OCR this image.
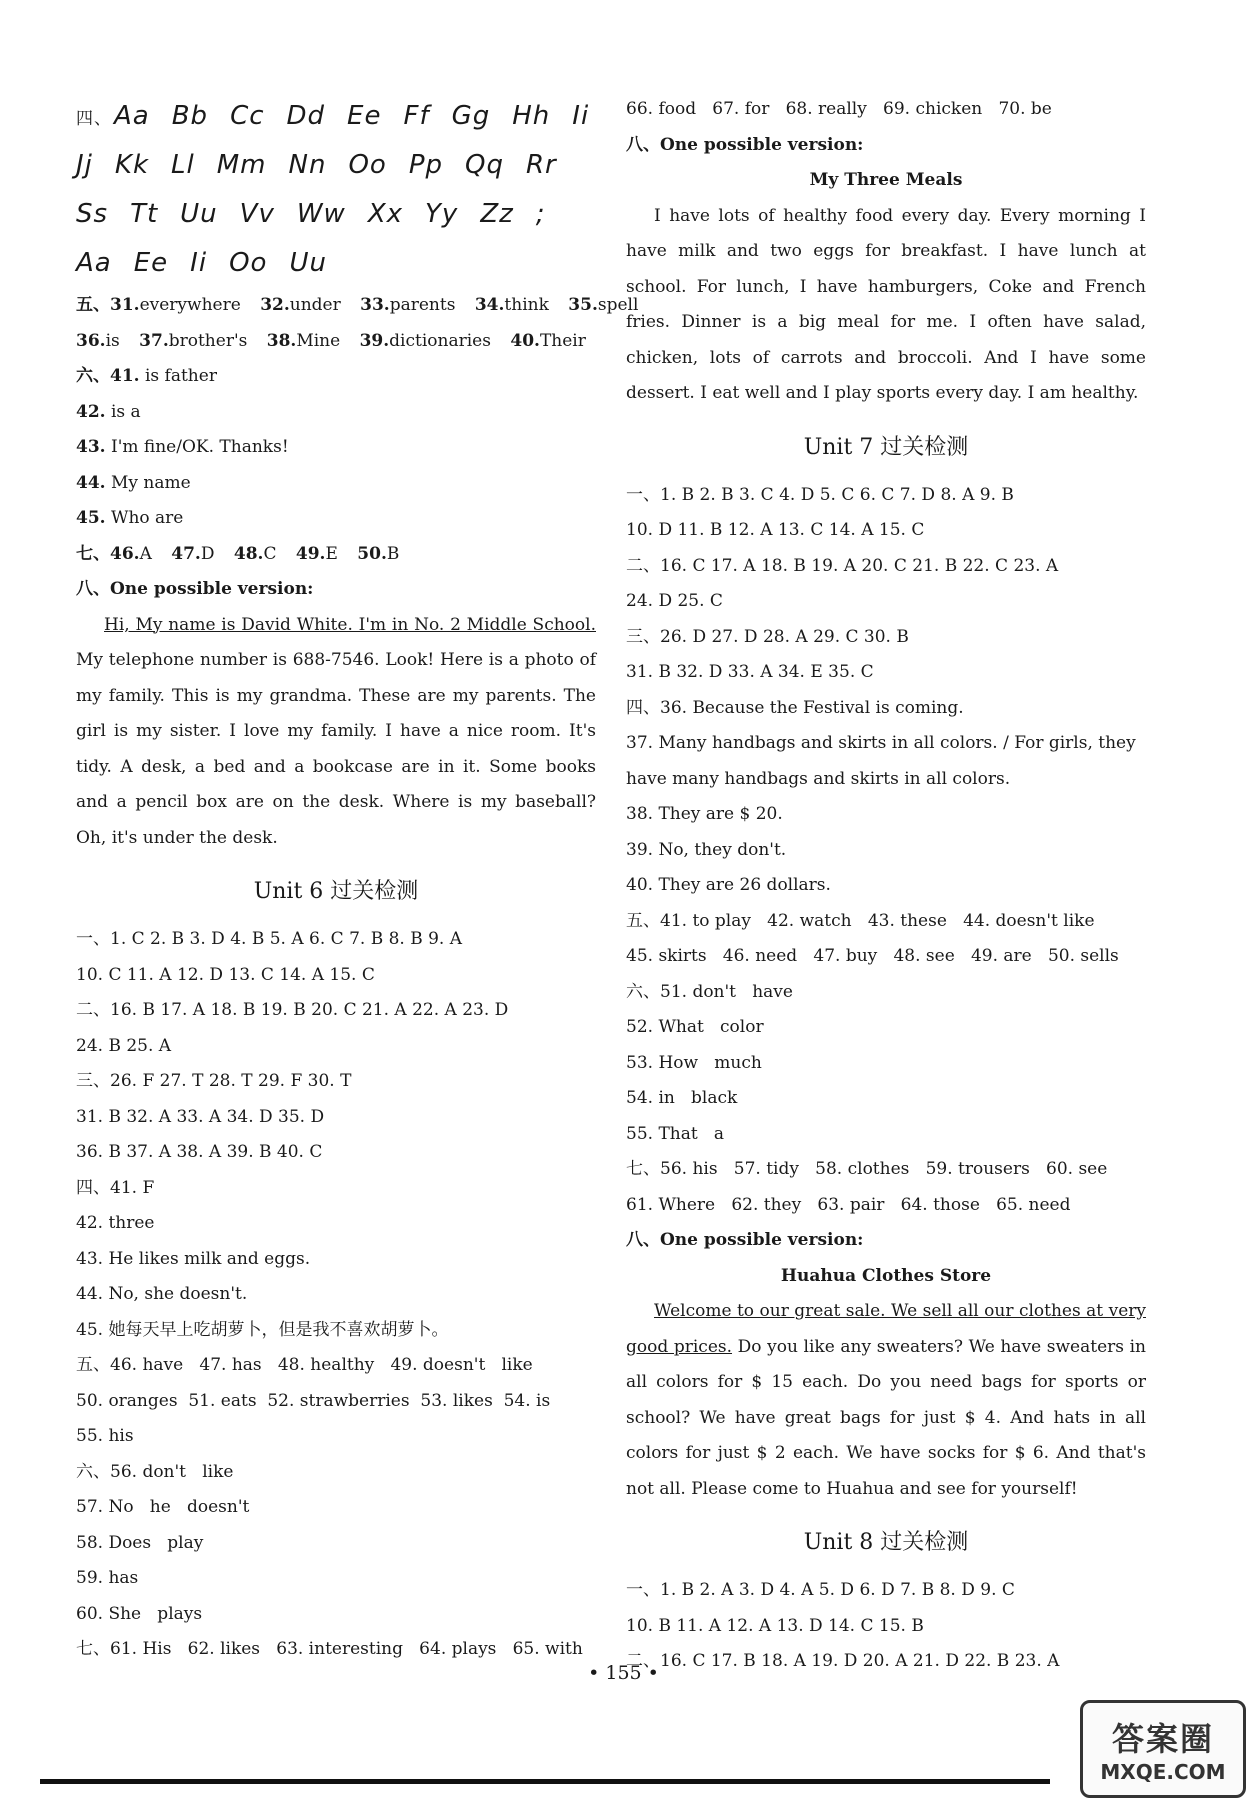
四、Aa Bb Cc Dd Ee Ff Gg Hh Ii
Jj Kk Ll Mm Nn Oo Pp Qq Rr
Ss Tt Uu Vv Ww Xx Yy Zz ;
Aa Ee Ii Oo Uu
五、31.everywhere 32.under 33.parents 34.think 35.spell
36.is 37.brother's 38.Mine 39.dictionaries 40.Their
六、41. is father
42. is a
43. I'm fine/OK. Thanks!
44. My name
45. Who are
七、46.A 47.D 48.C 49.E 50.B
八、One possible version:
Hi, My name is David White. I'm in No. 2 Middle School. My telephone number is 688-7546. Look! Here is a photo of my family. This is my grandma. These are my parents. The girl is my sister. I love my family. I have a nice room. It's tidy. A desk, a bed and a bookcase are in it. Some books and a pencil box are on the desk. Where is my baseball? Oh, it's under the desk.
Unit 6 过关检测
一、1. C 2. B 3. D 4. B 5. A 6. C 7. B 8. B 9. A
10. C 11. A 12. D 13. C 14. A 15. C
二、16. B 17. A 18. B 19. B 20. C 21. A 22. A 23. D
24. B 25. A
三、26. F 27. T 28. T 29. F 30. T
31. B 32. A 33. A 34. D 35. D
36. B 37. A 38. A 39. B 40. C
四、41. F
42. three
43. He likes milk and eggs.
44. No, she doesn't.
45. 她每天早上吃胡萝卜，但是我不喜欢胡萝卜。
五、46. have   47. has   48. healthy   49. doesn't   like
50. oranges  51. eats  52. strawberries  53. likes  54. is
55. his
六、56. don't   like
57. No   he   doesn't
58. Does   play
59. has
60. She   plays
七、61. His   62. likes   63. interesting   64. plays   65. with
66. food   67. for   68. really   69. chicken   70. be
八、One possible version:
My Three Meals
I have lots of healthy food every day. Every morning I have milk and two eggs for breakfast. I have lunch at school. For lunch, I have hamburgers, Coke and French fries. Dinner is a big meal for me. I often have salad, chicken, lots of carrots and broccoli. And I have some dessert. I eat well and I play sports every day. I am healthy.
Unit 7 过关检测
一、1. B 2. B 3. C 4. D 5. C 6. C 7. D 8. A 9. B
10. D 11. B 12. A 13. C 14. A 15. C
二、16. C 17. A 18. B 19. A 20. C 21. B 22. C 23. A
24. D 25. C
三、26. D 27. D 28. A 29. C 30. B
31. B 32. D 33. A 34. E 35. C
四、36. Because the Festival is coming.
37. Many handbags and skirts in all colors. / For girls, they
have many handbags and skirts in all colors.
38. They are $ 20.
39. No, they don't.
40. They are 26 dollars.
五、41. to play   42. watch   43. these   44. doesn't like
45. skirts   46. need   47. buy   48. see   49. are   50. sells
六、51. don't   have
52. What   color
53. How   much
54. in   black
55. That   a
七、56. his   57. tidy   58. clothes   59. trousers   60. see
61. Where   62. they   63. pair   64. those   65. need
八、One possible version:
Huahua Clothes Store
Welcome to our great sale. We sell all our clothes at very good prices. Do you like any sweaters? We have sweaters in all colors for $ 15 each. Do you need bags for sports or school? We have great bags for just $ 4. And hats in all colors for just $ 2 each. We have socks for $ 6. And that's not all. Please come to Huahua and see for yourself!
Unit 8 过关检测
一、1. B 2. A 3. D 4. A 5. D 6. D 7. B 8. D 9. C
10. B 11. A 12. A 13. D 14. C 15. B
二、16. C 17. B 18. A 19. D 20. A 21. D 22. B 23. A
• 155 •
答案圈
MXQE.COM
